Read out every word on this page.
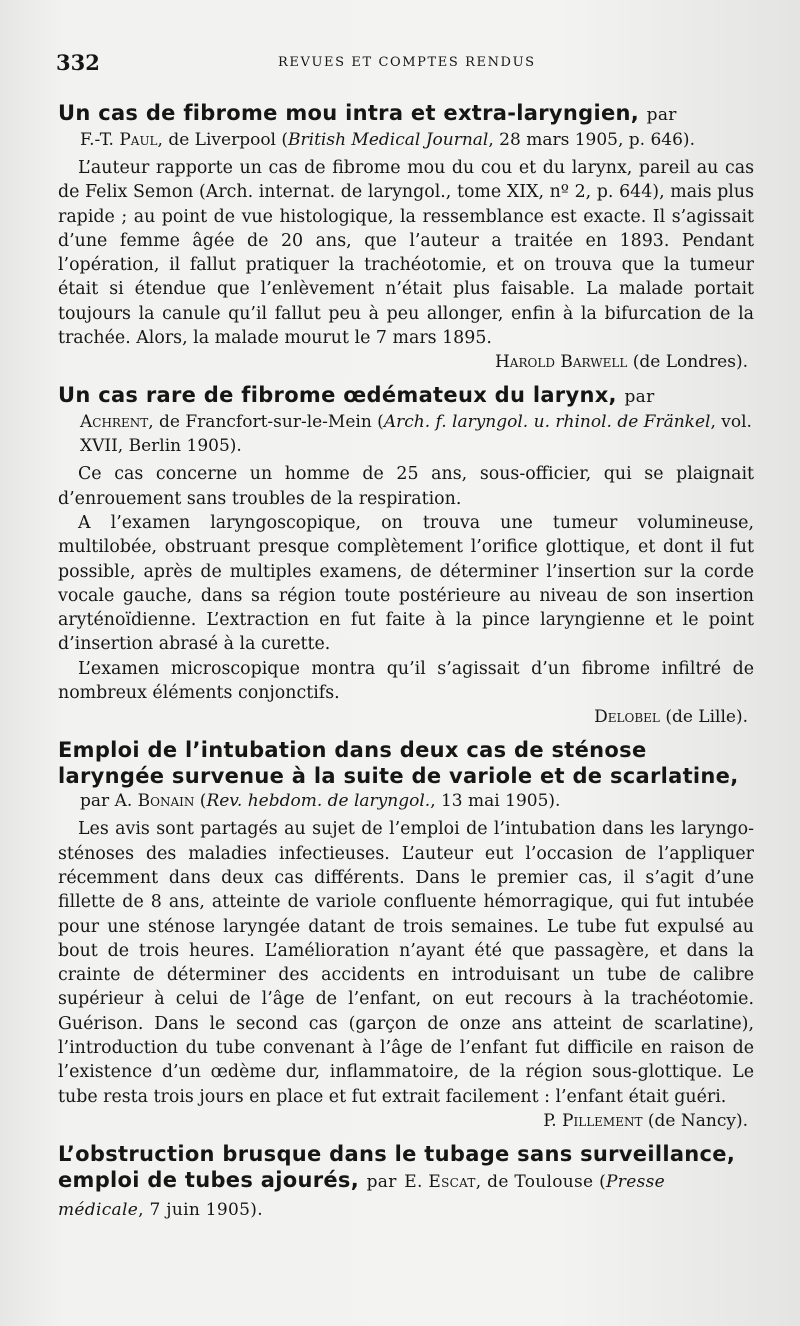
332	REVUES ET COMPTES RENDUS
Un cas de fibrome mou intra et extra-laryngien, par
F.-T. Paul, de Liverpool (British Medical Journal, 28 mars 1905, p. 646).

L’auteur rapporte un cas de fibrome mou du cou et du larynx, pareil au cas de Felix Semon (Arch. internat. de laryngol., tome XIX, nº 2, p. 644), mais plus rapide ; au point de vue histologique, la ressemblance est exacte. Il s’agissait d’une femme âgée de 20 ans, que l’auteur a traitée en 1893. Pendant l’opération, il fallut pratiquer la trachéotomie, et on trouva que la tumeur était si étendue que l’enlèvement n’était plus faisable. La malade portait toujours la canule qu’il fallut peu à peu allonger, enfin à la bifurcation de la trachée. Alors, la malade mourut le 7 mars 1895.

Harold Barwell (de Londres).
Un cas rare de fibrome œdémateux du larynx, par
Achrent, de Francfort-sur-le-Mein (Arch. f. laryngol. u. rhinol. de Fränkel, vol. XVII, Berlin 1905).

Ce cas concerne un homme de 25 ans, sous-officier, qui se plaignait d’enrouement sans troubles de la respiration.

A l’examen laryngoscopique, on trouva une tumeur volumineuse, multilobée, obstruant presque complètement l’orifice glottique, et dont il fut possible, après de multiples examens, de déterminer l’insertion sur la corde vocale gauche, dans sa région toute postérieure au niveau de son insertion aryténoïdienne. L’extraction en fut faite à la pince laryngienne et le point d’insertion abrasé à la curette.

L’examen microscopique montra qu’il s’agissait d’un fibrome infiltré de nombreux éléments conjonctifs.

Delobel (de Lille).
Emploi de l’intubation dans deux cas de sténose laryngée survenue à la suite de variole et de scarlatine,
par A. Bonain (Rev. hebdom. de laryngol., 13 mai 1905).

Les avis sont partagés au sujet de l’emploi de l’intubation dans les laryngo-sténoses des maladies infectieuses. L’auteur eut l’occasion de l’appliquer récemment dans deux cas différents. Dans le premier cas, il s’agit d’une fillette de 8 ans, atteinte de variole confluente hémorragique, qui fut intubée pour une sténose laryngée datant de trois semaines. Le tube fut expulsé au bout de trois heures. L’amélioration n’ayant été que passagère, et dans la crainte de déterminer des accidents en introduisant un tube de calibre supérieur à celui de l’âge de l’enfant, on eut recours à la trachéotomie. Guérison. Dans le second cas (garçon de onze ans atteint de scarlatine), l’introduction du tube convenant à l’âge de l’enfant fut difficile en raison de l’existence d’un œdème dur, inflammatoire, de la région sous-glottique. Le tube resta trois jours en place et fut extrait facilement : l’enfant était guéri.

P. Pillement (de Nancy).
L’obstruction brusque dans le tubage sans surveillance, emploi de tubes ajourés, par E. Escat, de Toulouse (Presse médicale, 7 juin 1905).
